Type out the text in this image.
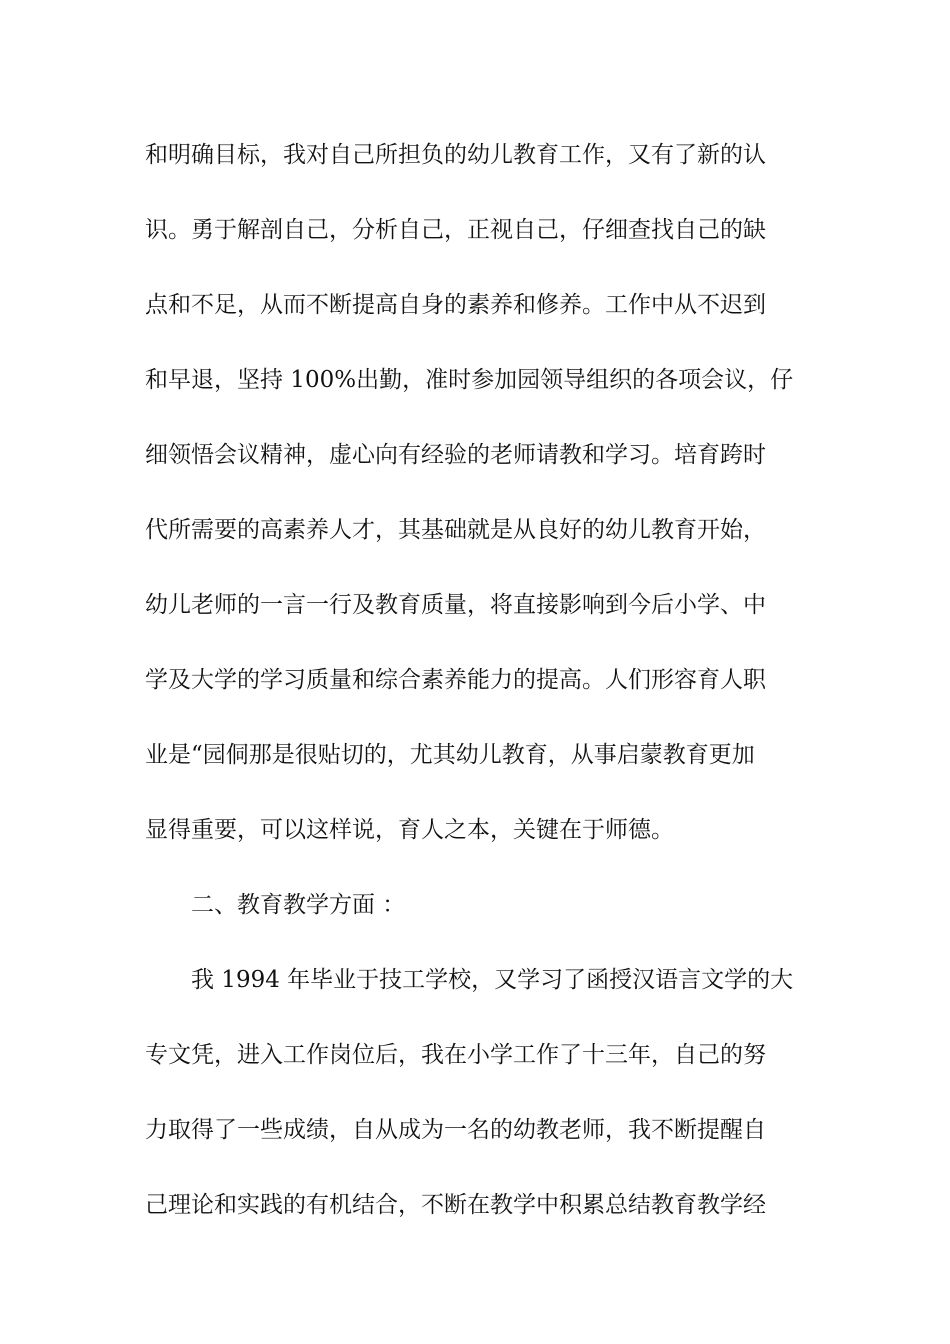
和明确目标，我对自己所担负的幼儿教育工作，又有了新的认
识。勇于解剖自己，分析自己，正视自己，仔细查找自己的缺
点和不足，从而不断提高自身的素养和修养。工作中从不迟到
和早退，坚持 100%出勤，准时参加园领导组织的各项会议，仔
细领悟会议精神，虚心向有经验的老师请教和学习。培育跨时
代所需要的高素养人才，其基础就是从良好的幼儿教育开始，
幼儿老师的一言一行及教育质量，将直接影响到今后小学、中
学及大学的学习质量和综合素养能力的提高。人们形容育人职
业是“园侗那是很贴切的，尤其幼儿教育，从事启蒙教育更加
显得重要，可以这样说，育人之本，关键在于师德。
二、教育教学方面 ：
我 1994 年毕业于技工学校，又学习了函授汉语言文学的大
专文凭，进入工作岗位后，我在小学工作了十三年，自己的努
力取得了一些成绩，自从成为一名的幼教老师，我不断提醒自
己理论和实践的有机结合，不断在教学中积累总结教育教学经
